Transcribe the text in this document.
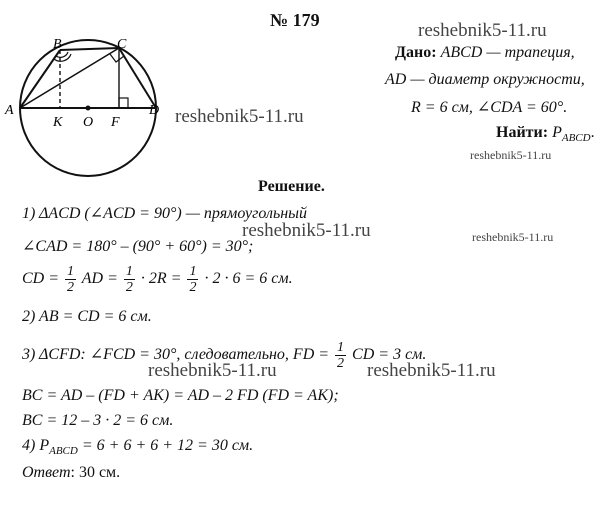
A
B	C
D
K O F
№ 179	reshebnik5-11.ru
Дано: ABCD — трапеция,
AD — диаметр окружности,
R = 6 см, ∠CDA = 60°.
Найти: $P_{ABCD}$.
reshebnik5-11.ru
reshebnik5-11.ru
Решение.
1) ΔACD (∠ACD = 90°) — прямоугольный
∠CAD = 180° – (90° + 60°) = 30°;
reshebnik5-11.ru	reshebnik5-11.ru
CD = $\frac{1}{2}$ AD = $\frac{1}{2} \cdot 2R = \frac{1}{2} \cdot 2 \cdot 6 = 6$ см.
2) AB = CD = 6 см.
3) ΔCFD: ∠FCD = 30°, следовательно, FD = $\frac{1}{2}$ CD = 3 см.
reshebnik5-11.ru	reshebnik5-11.ru
BC = AD – (FD + AK) = AD – 2 FD (FD = AK);
BC = 12 – 3 · 2 = 6 см.
4) $P_{ABCD} = 6 + 6 + 6 + 12 = 30$ см.
Ответ: 30 см.
